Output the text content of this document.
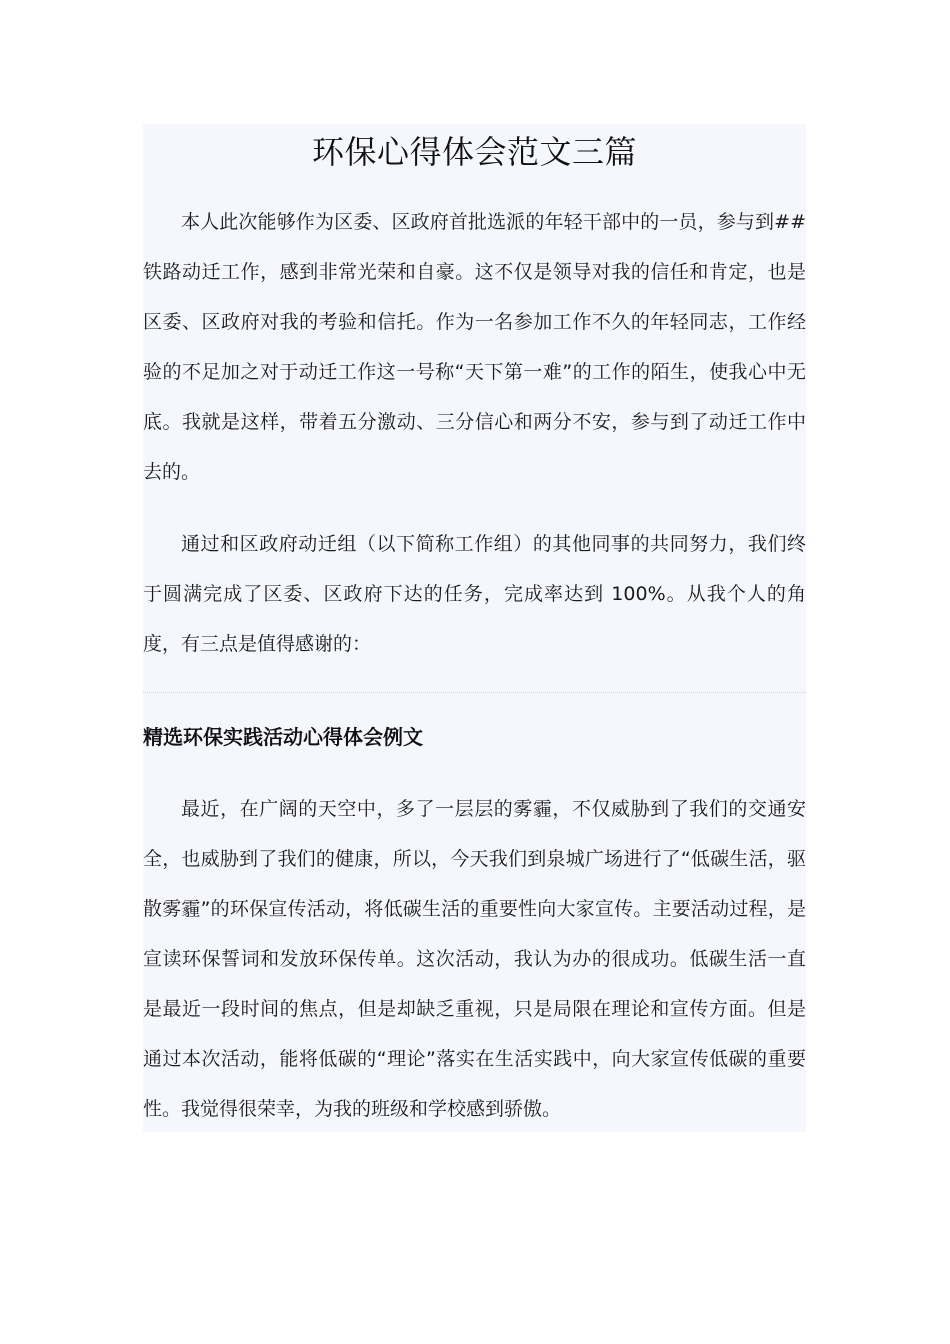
环保心得体会范文三篇

本人此次能够作为区委、区政府首批选派的年轻干部中的一员，参与到##铁路动迁工作，感到非常光荣和自豪。这不仅是领导对我的信任和肯定，也是区委、区政府对我的考验和信托。作为一名参加工作不久的年轻同志，工作经验的不足加之对于动迁工作这一号称“天下第一难”的工作的陌生，使我心中无底。我就是这样，带着五分激动、三分信心和两分不安，参与到了动迁工作中去的。

通过和区政府动迁组（以下简称工作组）的其他同事的共同努力，我们终于圆满完成了区委、区政府下达的任务，完成率达到 100%。从我个人的角度，有三点是值得感谢的：

精选环保实践活动心得体会例文

最近，在广阔的天空中，多了一层层的雾霾，不仅威胁到了我们的交通安全，也威胁到了我们的健康，所以，今天我们到泉城广场进行了“低碳生活，驱散雾霾”的环保宣传活动，将低碳生活的重要性向大家宣传。主要活动过程，是宣读环保誓词和发放环保传单。这次活动，我认为办的很成功。低碳生活一直是最近一段时间的焦点，但是却缺乏重视，只是局限在理论和宣传方面。但是通过本次活动，能将低碳的“理论”落实在生活实践中，向大家宣传低碳的重要性。我觉得很荣幸，为我的班级和学校感到骄傲。
